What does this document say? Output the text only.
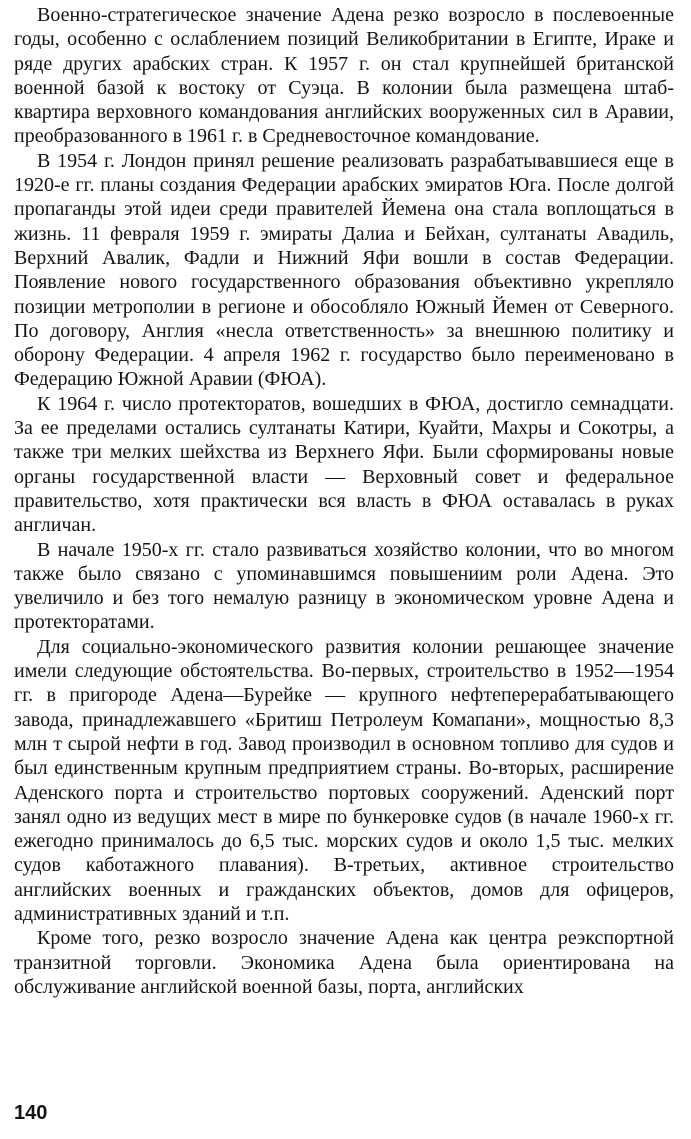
Военно-стратегическое значение Адена резко возросло в послевоенные годы, особенно с ослаблением позиций Великобритании в Египте, Ираке и ряде других арабских стран. К 1957 г. он стал крупнейшей британской военной базой к востоку от Суэца. В колонии была размещена штаб-квартира верховного командования английских вооруженных сил в Аравии, преобразованного в 1961 г. в Средневосточное командование.

В 1954 г. Лондон принял решение реализовать разрабатывавшиеся еще в 1920-е гг. планы создания Федерации арабских эмиратов Юга. После долгой пропаганды этой идеи среди правителей Йемена она стала воплощаться в жизнь. 11 февраля 1959 г. эмираты Далиа и Бейхан, султанаты Авадиль, Верхний Авалик, Фадли и Нижний Яфи вошли в состав Федерации. Появление нового государственного образования объективно укрепляло позиции метрополии в регионе и обособляло Южный Йемен от Северного. По договору, Англия «несла ответственность» за внешнюю политику и оборону Федерации. 4 апреля 1962 г. государство было переименовано в Федерацию Южной Аравии (ФЮА).

К 1964 г. число протекторатов, вошедших в ФЮА, достигло семнадцати. За ее пределами остались султанаты Катири, Куайти, Махры и Сокотры, а также три мелких шейхства из Верхнего Яфи. Были сформированы новые органы государственной власти — Верховный совет и федеральное правительство, хотя практически вся власть в ФЮА оставалась в руках англичан.

В начале 1950-х гг. стало развиваться хозяйство колонии, что во многом также было связано с упоминавшимся повышениим роли Адена. Это увеличило и без того немалую разницу в экономическом уровне Адена и протекторатами.

Для социально-экономического развития колонии решающее значение имели следующие обстоятельства. Во-первых, строительство в 1952—1954 гг. в пригороде Адена—Бурейке — крупного нефтеперерабатывающего завода, принадлежавшего «Бритиш Петролеум Комапани», мощностью 8,3 млн т сырой нефти в год. Завод производил в основном топливо для судов и был единственным крупным предприятием страны. Во-вторых, расширение Аденского порта и строительство портовых сооружений. Аденский порт занял одно из ведущих мест в мире по бункеровке судов (в начале 1960-х гг. ежегодно принималось до 6,5 тыс. морских судов и около 1,5 тыс. мелких судов каботажного плавания). В-третьих, активное строительство английских военных и гражданских объектов, домов для офицеров, административных зданий и т.п.

Кроме того, резко возросло значение Адена как центра реэкспортной транзитной торговли. Экономика Адена была ориентирована на обслуживание английской военной базы, порта, английских

140
